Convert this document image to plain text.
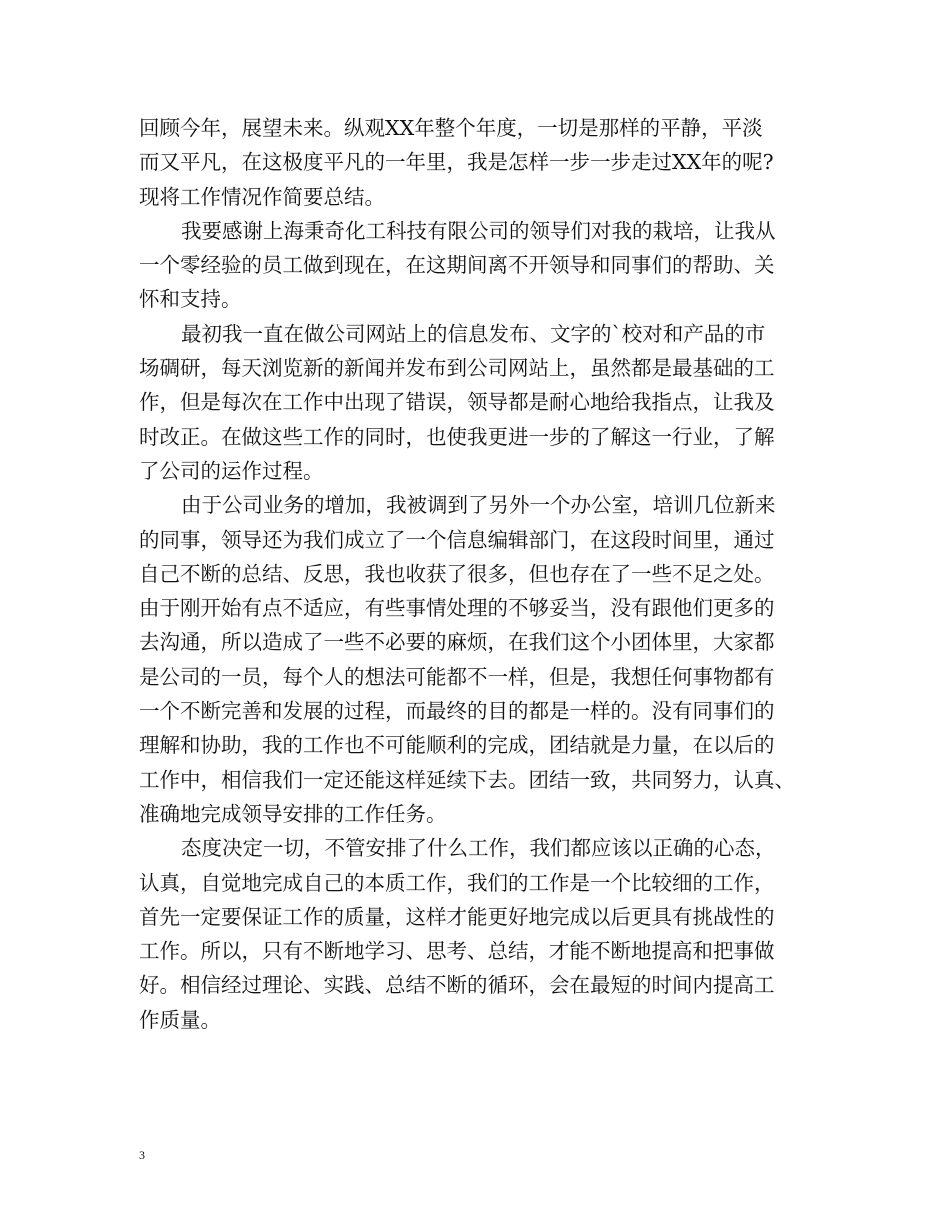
回顾今年，展望未来。纵观XX年整个年度，一切是那样的平静，平淡
而又平凡，在这极度平凡的一年里，我是怎样一步一步走过XX年的呢?
现将工作情况作简要总结。
我要感谢上海秉奇化工科技有限公司的领导们对我的栽培，让我从
一个零经验的员工做到现在，在这期间离不开领导和同事们的帮助、关
怀和支持。
最初我一直在做公司网站上的信息发布、文字的`校对和产品的市
场碉研，每天浏览新的新闻并发布到公司网站上，虽然都是最基础的工
作，但是每次在工作中出现了错误，领导都是耐心地给我指点，让我及
时改正。在做这些工作的同时，也使我更进一步的了解这一行业，了解
了公司的运作过程。
由于公司业务的增加，我被调到了另外一个办公室，培训几位新来
的同事，领导还为我们成立了一个信息编辑部门，在这段时间里，通过
自己不断的总结、反思，我也收获了很多，但也存在了一些不足之处。
由于刚开始有点不适应，有些事情处理的不够妥当，没有跟他们更多的
去沟通，所以造成了一些不必要的麻烦，在我们这个小团体里，大家都
是公司的一员，每个人的想法可能都不一样，但是，我想任何事物都有
一个不断完善和发展的过程，而最终的目的都是一样的。没有同事们的
理解和协助，我的工作也不可能顺利的完成，团结就是力量，在以后的
工作中，相信我们一定还能这样延续下去。团结一致，共同努力，认真、
准确地完成领导安排的工作任务。
态度决定一切，不管安排了什么工作，我们都应该以正确的心态，
认真，自觉地完成自己的本质工作，我们的工作是一个比较细的工作，
首先一定要保证工作的质量，这样才能更好地完成以后更具有挑战性的
工作。所以，只有不断地学习、思考、总结，才能不断地提高和把事做
好。相信经过理论、实践、总结不断的循环，会在最短的时间内提高工
作质量。
3
